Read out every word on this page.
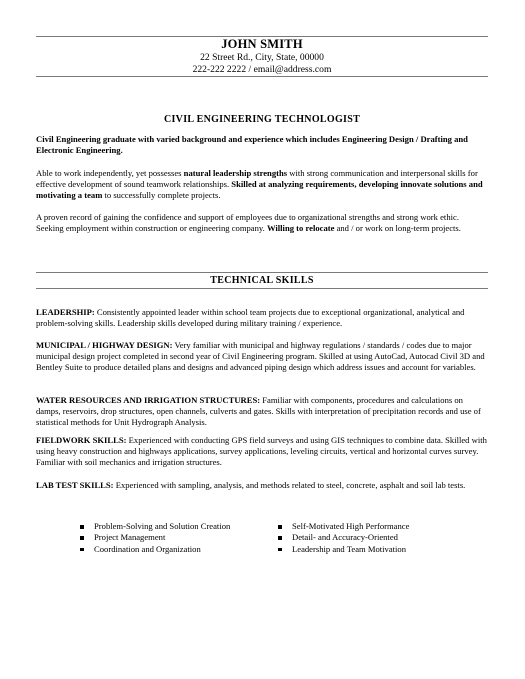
JOHN SMITH
22 Street Rd., City, State, 00000
222-222 2222 / email@address.com
CIVIL ENGINEERING TECHNOLOGIST

Civil Engineering graduate with varied background and experience which includes Engineering Design / Drafting and Electronic Engineering.

Able to work independently, yet possesses natural leadership strengths with strong communication and interpersonal skills for effective development of sound teamwork relationships. Skilled at analyzing requirements, developing innovate solutions and motivating a team to successfully complete projects.

A proven record of gaining the confidence and support of employees due to organizational strengths and strong work ethic. Seeking employment within construction or engineering company. Willing to relocate and / or work on long-term projects.

TECHNICAL SKILLS

LEADERSHIP: Consistently appointed leader within school team projects due to exceptional organizational, analytical and problem-solving skills. Leadership skills developed during military training / experience.

MUNICIPAL / HIGHWAY DESIGN: Very familiar with municipal and highway regulations / standards / codes due to major municipal design project completed in second year of Civil Engineering program. Skilled at using AutoCad, Autocad Civil 3D and Bentley Suite to produce detailed plans and designs and advanced piping design which address issues and account for variables.

WATER RESOURCES AND IRRIGATION STRUCTURES: Familiar with components, procedures and calculations on damps, reservoirs, drop structures, open channels, culverts and gates. Skills with interpretation of precipitation records and use of statistical methods for Unit Hydrograph Analysis.

FIELDWORK SKILLS: Experienced with conducting GPS field surveys and using GIS techniques to combine data. Skilled with using heavy construction and highways applications, survey applications, leveling circuits, vertical and horizontal curves survey. Familiar with soil mechanics and irrigation structures.

LAB TEST SKILLS: Experienced with sampling, analysis, and methods related to steel, concrete, asphalt and soil lab tests.

Problem-Solving and Solution Creation
Project Management
Coordination and Organization
Self-Motivated High Performance
Detail- and Accuracy-Oriented
Leadership and Team Motivation
